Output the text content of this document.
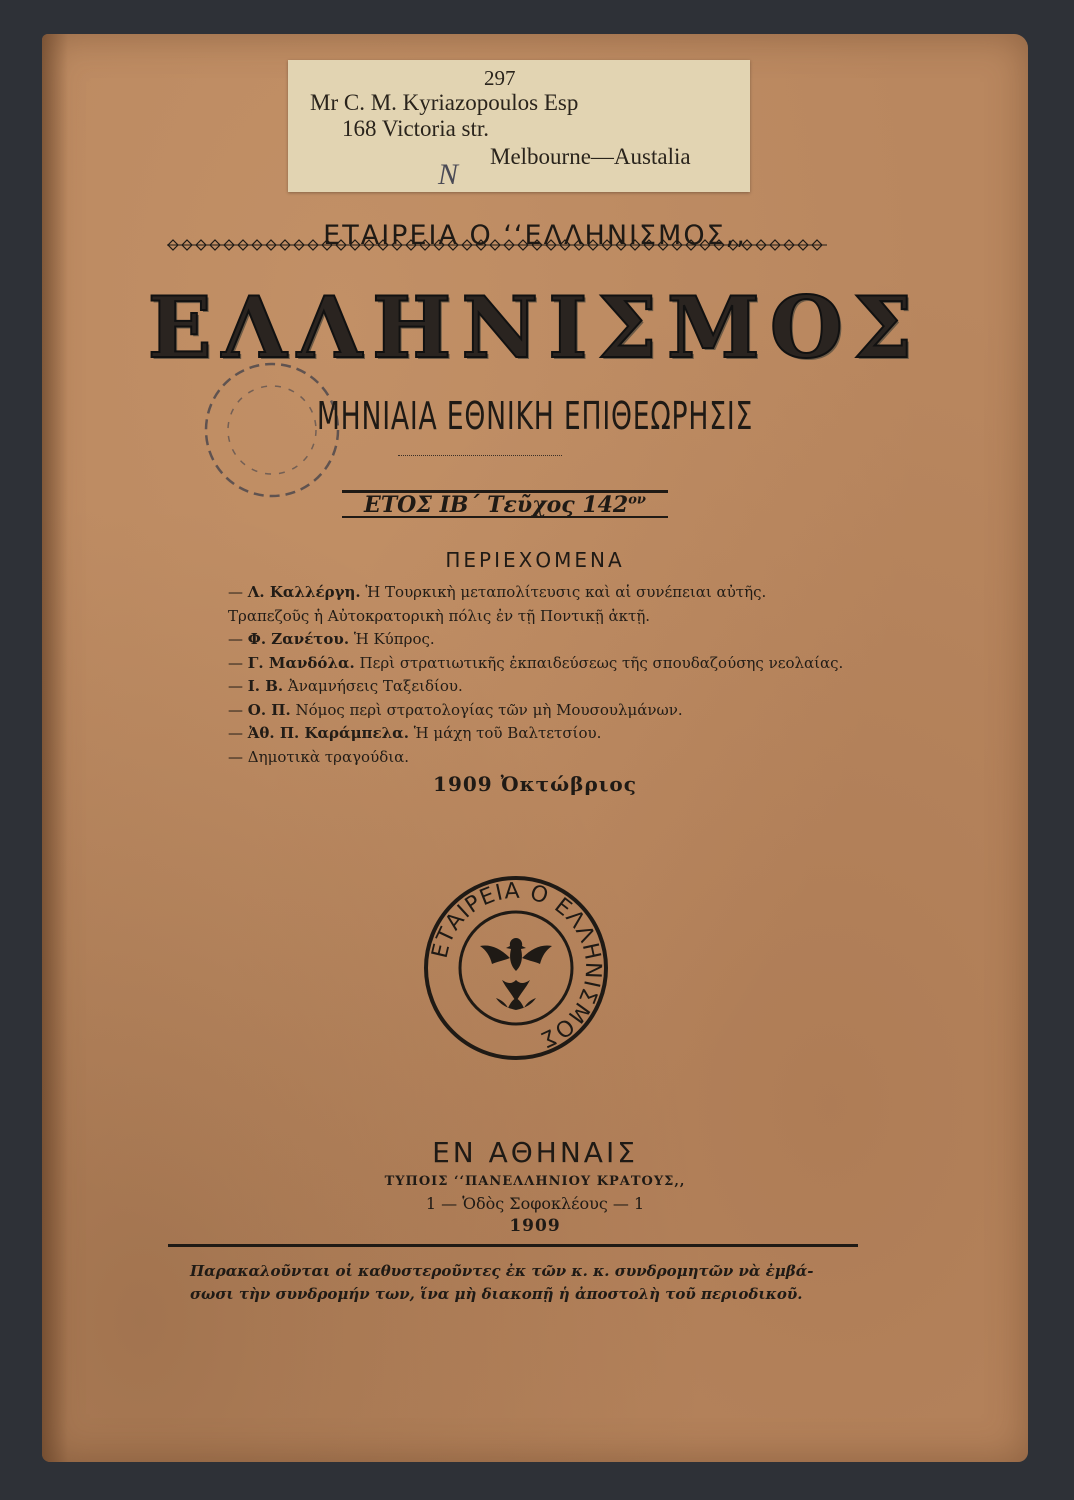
297
Mr C. M. Kyriazopoulos Esp
168 Victoria str.
Melbourne—Austalia
N
ΕΤΑΙΡΕΙΑ Ο ‘‘ΕΛΛΗΝΙΣΜΟΣ,,
ΕΛΛΗΝΙΣΜΟΣ
ΜΗΝΙΑΙΑ ΕΘΝΙΚΗ ΕΠΙΘΕΩΡΗΣΙΣ
ΕΤΟΣ ΙΒ΄ Τεῦχος $142^{o\nu}$
ΠΕΡΙΕΧΟΜΕΝΑ
— Λ. Καλλέργη. Ἡ Τουρκικὴ μεταπολίτευσις καὶ αἱ συνέπειαι αὐτῆς.
Τραπεζοῦς ἡ Αὐτοκρατορικὴ πόλις ἐν τῇ Ποντικῇ ἀκτῇ.
— Φ. Ζανέτου. Ἡ Κύπρος.
— Γ. Μανδόλα. Περὶ στρατιωτικῆς ἐκπαιδεύσεως τῆς σπουδαζούσης νεολαίας.
— Ι. Β. Ἀναμνήσεις Ταξειδίου.
— Ο. Π. Νόμος περὶ στρατολογίας τῶν μὴ Μουσουλμάνων.
— Ἀθ. Π. Καράμπελα. Ἡ μάχη τοῦ Βαλτετσίου.
— Δημοτικὰ τραγούδια.
1909 Ὀκτώβριος
ΕΤΑΙΡΕΙΑ Ο ΕΛΛΗΝΙΣΜΟΣ
ΕΝ ΑΘΗΝΑΙΣ
ΤΥΠΟΙΣ ‘‘ΠΑΝΕΛΛΗΝΙΟΥ ΚΡΑΤΟΥΣ,,
1 — Ὁδὸς Σοφοκλέους — 1
1909
Παρακαλοῦνται οἱ καθυστεροῦντες ἐκ τῶν κ. κ. συνδρομητῶν νὰ ἐμβά-
σωσι τὴν συνδρομήν των, ἵνα μὴ διακοπῇ ἡ ἀποστολὴ τοῦ περιοδικοῦ.
